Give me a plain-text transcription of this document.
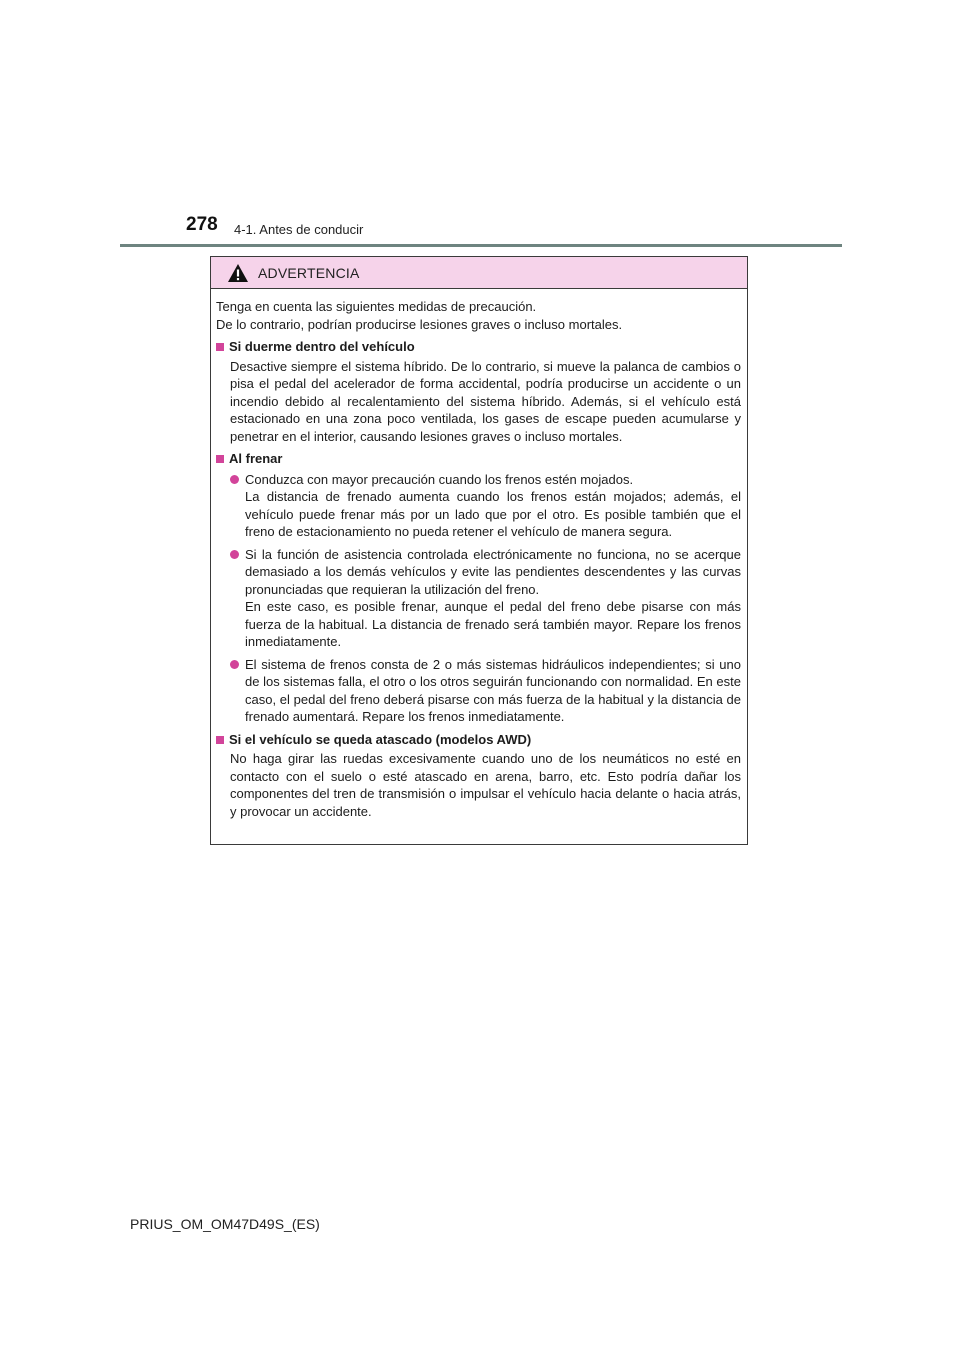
278 4-1. Antes de conducir
ADVERTENCIA

Tenga en cuenta las siguientes medidas de precaución.
De lo contrario, podrían producirse lesiones graves o incluso mortales.

Si duerme dentro del vehículo

Desactive siempre el sistema híbrido. De lo contrario, si mueve la palanca de cambios o pisa el pedal del acelerador de forma accidental, podría producirse un accidente o un incendio debido al recalentamiento del sistema híbrido. Además, si el vehículo está estacionado en una zona poco ventilada, los gases de escape pueden acumularse y penetrar en el interior, causando lesiones graves o incluso mortales.

Al frenar

Conduzca con mayor precaución cuando los frenos estén mojados.

La distancia de frenado aumenta cuando los frenos están mojados; además, el vehículo puede frenar más por un lado que por el otro. Es posible también que el freno de estacionamiento no pueda retener el vehículo de manera segura.

Si la función de asistencia controlada electrónicamente no funciona, no se acerque demasiado a los demás vehículos y evite las pendientes descendentes y las curvas pronunciadas que requieran la utilización del freno.

En este caso, es posible frenar, aunque el pedal del freno debe pisarse con más fuerza de la habitual. La distancia de frenado será también mayor. Repare los frenos inmediatamente.

El sistema de frenos consta de 2 o más sistemas hidráulicos independientes; si uno de los sistemas falla, el otro o los otros seguirán funcionando con normalidad. En este caso, el pedal del freno deberá pisarse con más fuerza de la habitual y la distancia de frenado aumentará. Repare los frenos inmediatamente.

Si el vehículo se queda atascado (modelos AWD)

No haga girar las ruedas excesivamente cuando uno de los neumáticos no esté en contacto con el suelo o esté atascado en arena, barro, etc. Esto podría dañar los componentes del tren de transmisión o impulsar el vehículo hacia delante o hacia atrás, y provocar un accidente.

PRIUS_OM_OM47D49S_(ES)
